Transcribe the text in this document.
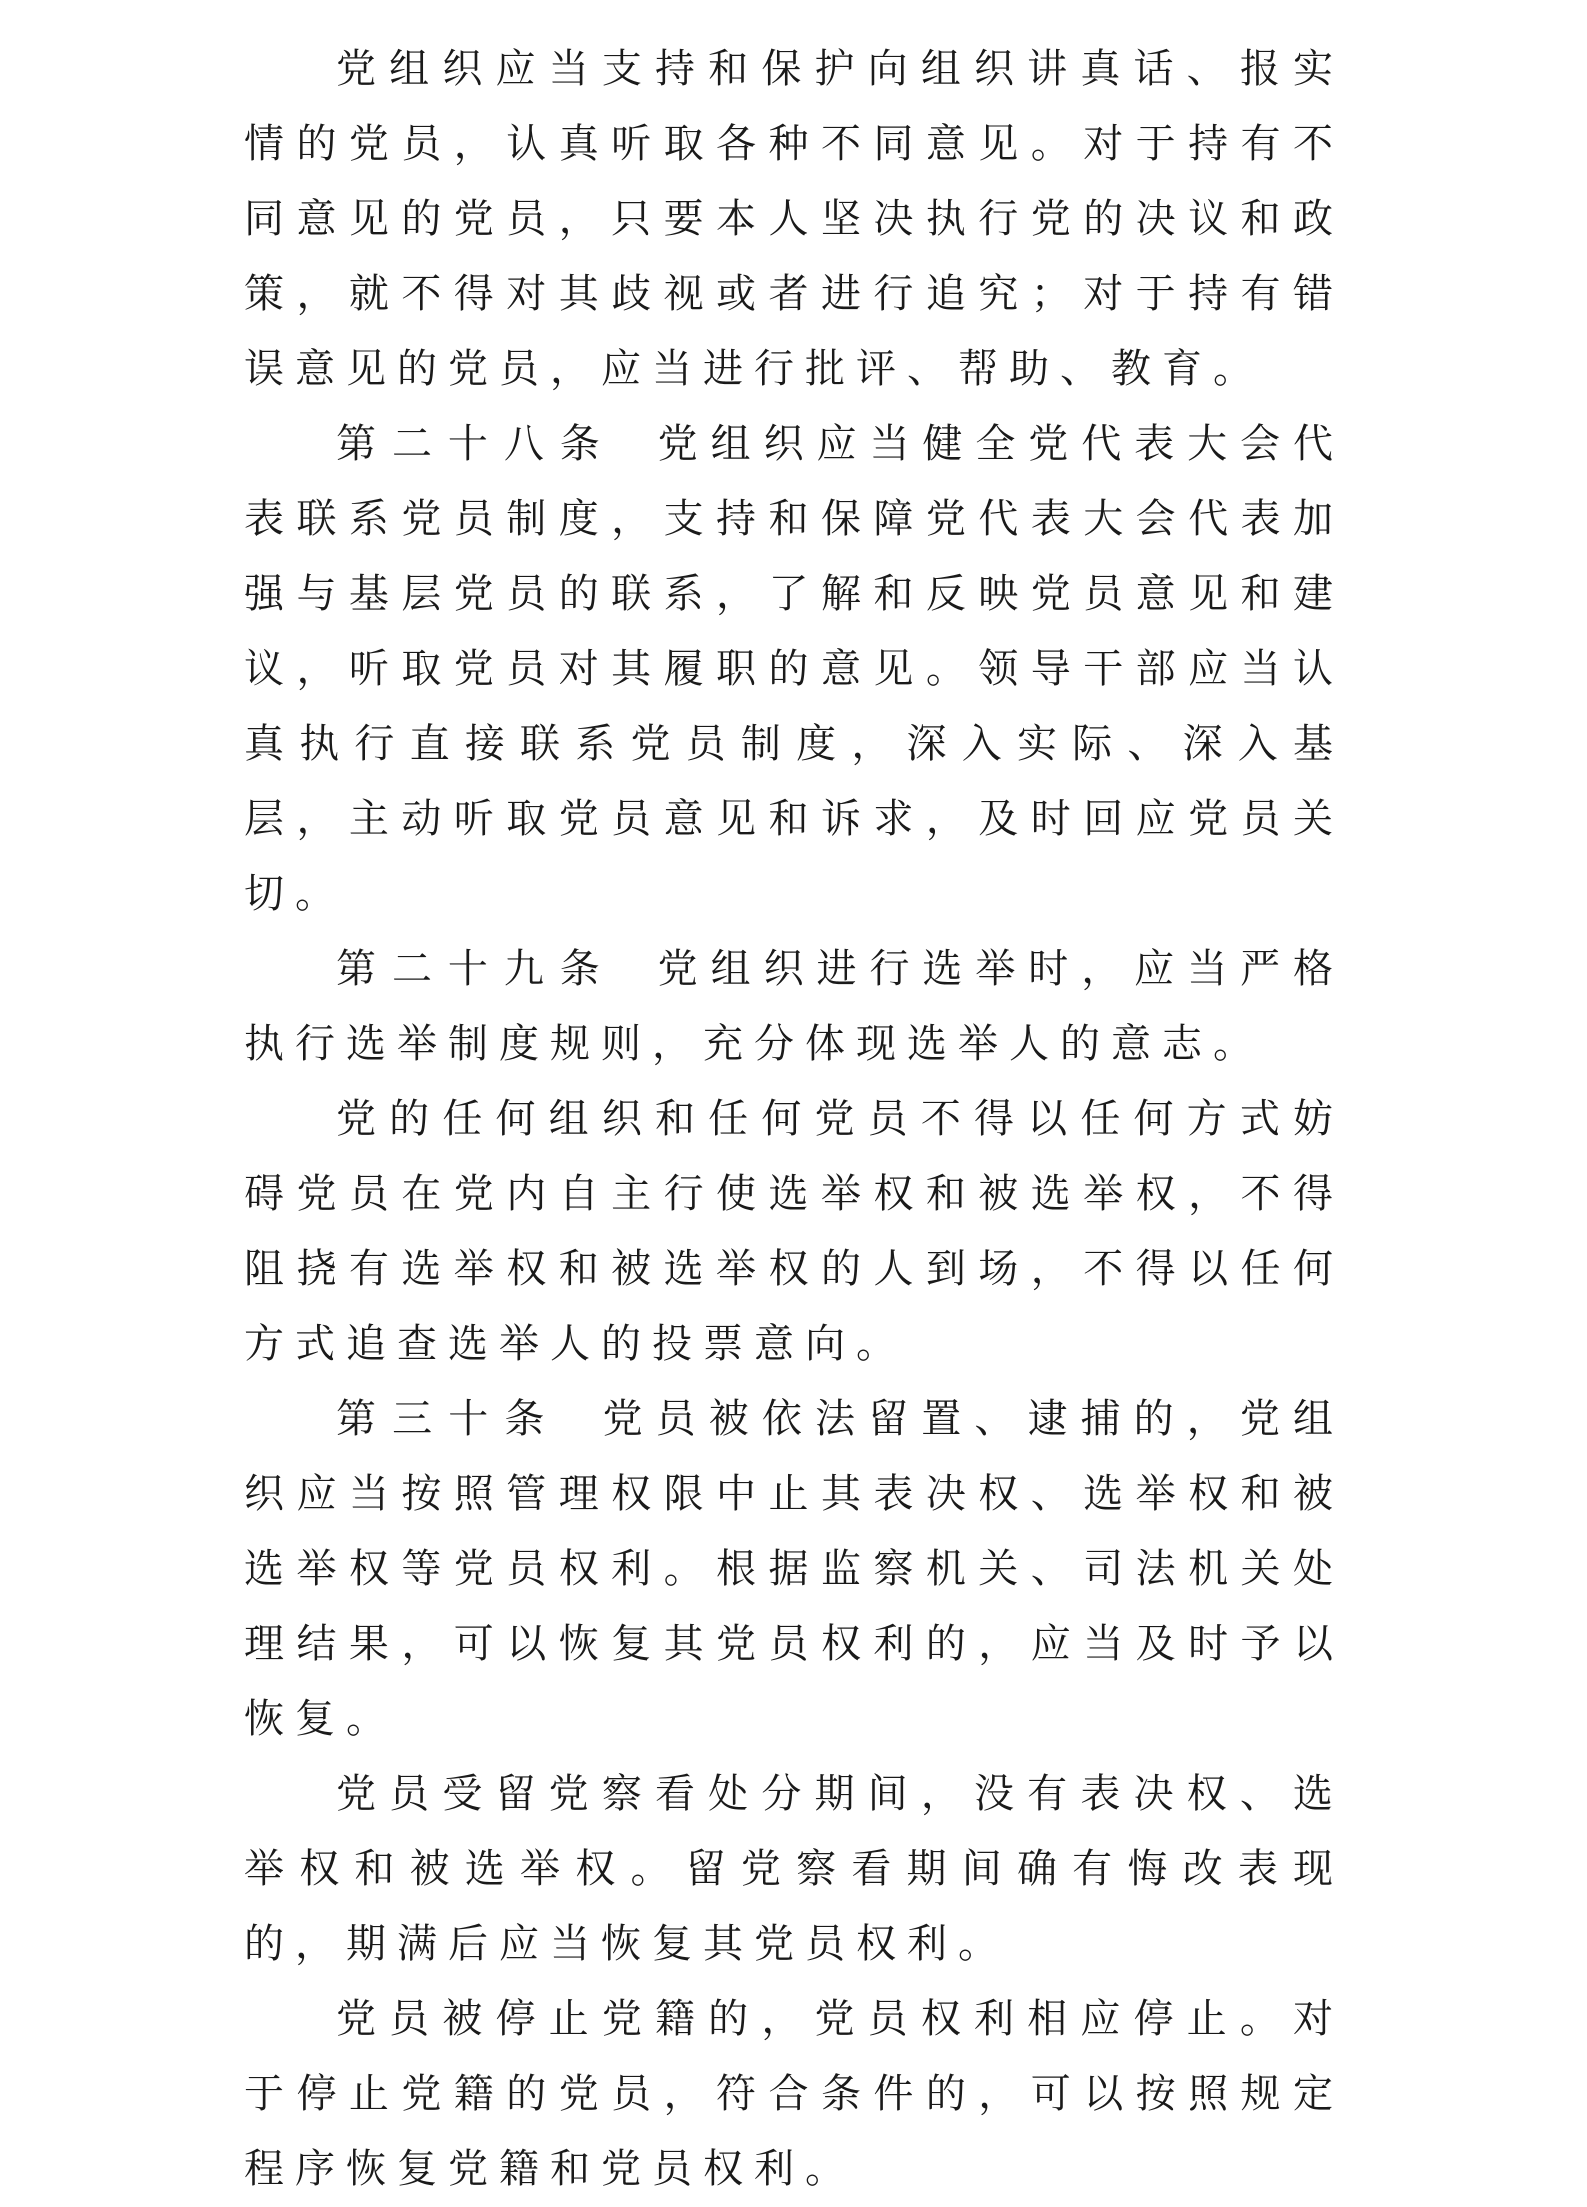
党组织应当支持和保护向组织讲真话、报实情的党员，认真听取各种不同意见。对于持有不同意见的党员，只要本人坚决执行党的决议和政策，就不得对其歧视或者进行追究；对于持有错误意见的党员，应当进行批评、帮助、教育。

第二十八条 党组织应当健全党代表大会代表联系党员制度，支持和保障党代表大会代表加强与基层党员的联系，了解和反映党员意见和建议，听取党员对其履职的意见。领导干部应当认真执行直接联系党员制度，深入实际、深入基层，主动听取党员意见和诉求，及时回应党员关切。

第二十九条 党组织进行选举时，应当严格执行选举制度规则，充分体现选举人的意志。

党的任何组织和任何党员不得以任何方式妨碍党员在党内自主行使选举权和被选举权，不得阻挠有选举权和被选举权的人到场，不得以任何方式追查选举人的投票意向。

第三十条 党员被依法留置、逮捕的，党组织应当按照管理权限中止其表决权、选举权和被选举权等党员权利。根据监察机关、司法机关处理结果，可以恢复其党员权利的，应当及时予以恢复。

党员受留党察看处分期间，没有表决权、选举权和被选举权。留党察看期间确有悔改表现的，期满后应当恢复其党员权利。

党员被停止党籍的，党员权利相应停止。对于停止党籍的党员，符合条件的，可以按照规定程序恢复党籍和党员权利。
